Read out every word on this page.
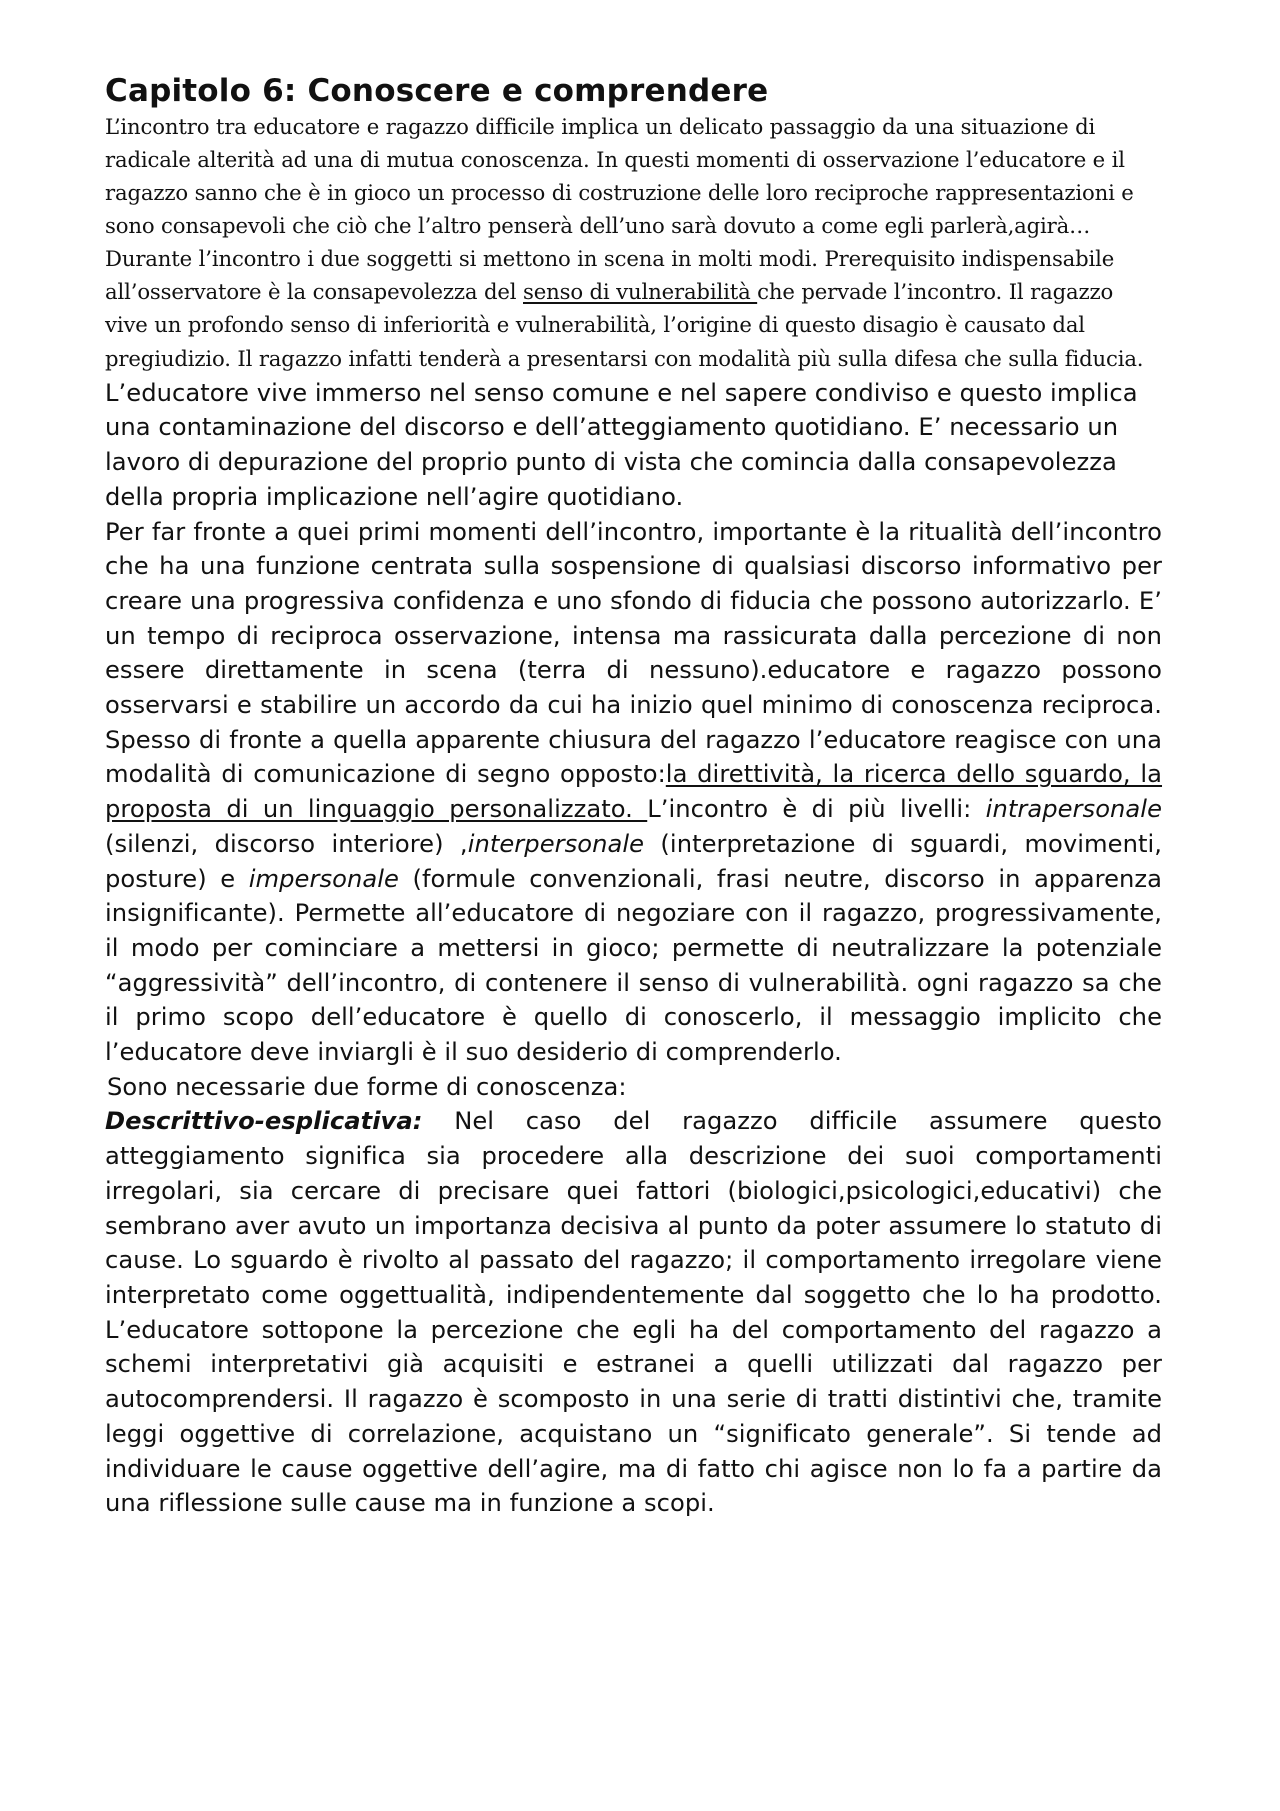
Capitolo 6: Conoscere e comprendere

L’incontro tra educatore e ragazzo difficile implica un delicato passaggio da una situazione di radicale alterità ad una di mutua conoscenza. In questi momenti di osservazione l’educatore e il ragazzo sanno che è in gioco un processo di costruzione delle loro reciproche rappresentazioni e sono consapevoli che ciò che l’altro penserà dell’uno sarà dovuto a come egli parlerà,agirà… Durante l’incontro i due soggetti si mettono in scena in molti modi. Prerequisito indispensabile all’osservatore è la consapevolezza del senso di vulnerabilità che pervade l’incontro. Il ragazzo vive un profondo senso di inferiorità e vulnerabilità, l’origine di questo disagio è causato dal pregiudizio. Il ragazzo infatti tenderà a presentarsi con modalità più sulla difesa che sulla fiducia. L’educatore vive immerso nel senso comune e nel sapere condiviso e questo implica una contaminazione del discorso e dell’atteggiamento quotidiano. E’ necessario un lavoro di depurazione del proprio punto di vista che comincia dalla consapevolezza della propria implicazione nell’agire quotidiano.

Per far fronte a quei primi momenti dell’incontro, importante è la ritualità dell’incontro che ha una funzione centrata sulla sospensione di qualsiasi discorso informativo per creare una progressiva confidenza e uno sfondo di fiducia che possono autorizzarlo. E’ un tempo di reciproca osservazione, intensa ma rassicurata dalla percezione di non essere direttamente in scena (terra di nessuno).educatore e ragazzo possono osservarsi e stabilire un accordo da cui ha inizio quel minimo di conoscenza reciproca. Spesso di fronte a quella apparente chiusura del ragazzo l’educatore reagisce con una modalità di comunicazione di segno opposto:la direttività, la ricerca dello sguardo, la proposta di un linguaggio personalizzato. L’incontro è di più livelli: intrapersonale (silenzi, discorso interiore) ,interpersonale (interpretazione di sguardi, movimenti, posture) e impersonale (formule convenzionali, frasi neutre, discorso in apparenza insignificante). Permette all’educatore di negoziare con il ragazzo, progressivamente, il modo per cominciare a mettersi in gioco; permette di neutralizzare la potenziale “aggressività” dell’incontro, di contenere il senso di vulnerabilità. ogni ragazzo sa che il primo scopo dell’educatore è quello di conoscerlo, il messaggio implicito che l’educatore deve inviargli è il suo desiderio di comprenderlo.

Sono necessarie due forme di conoscenza:

Descrittivo-esplicativa: Nel caso del ragazzo difficile assumere questo atteggiamento significa sia procedere alla descrizione dei suoi comportamenti irregolari, sia cercare di precisare quei fattori (biologici,psicologici,educativi) che sembrano aver avuto un importanza decisiva al punto da poter assumere lo statuto di cause. Lo sguardo è rivolto al passato del ragazzo; il comportamento irregolare viene interpretato come oggettualità, indipendentemente dal soggetto che lo ha prodotto. L’educatore sottopone la percezione che egli ha del comportamento del ragazzo a schemi interpretativi già acquisiti e estranei a quelli utilizzati dal ragazzo per autocomprendersi. Il ragazzo è scomposto in una serie di tratti distintivi che, tramite leggi oggettive di correlazione, acquistano un “significato generale”. Si tende ad individuare le cause oggettive dell’agire, ma di fatto chi agisce non lo fa a partire da una riflessione sulle cause ma in funzione a scopi.
